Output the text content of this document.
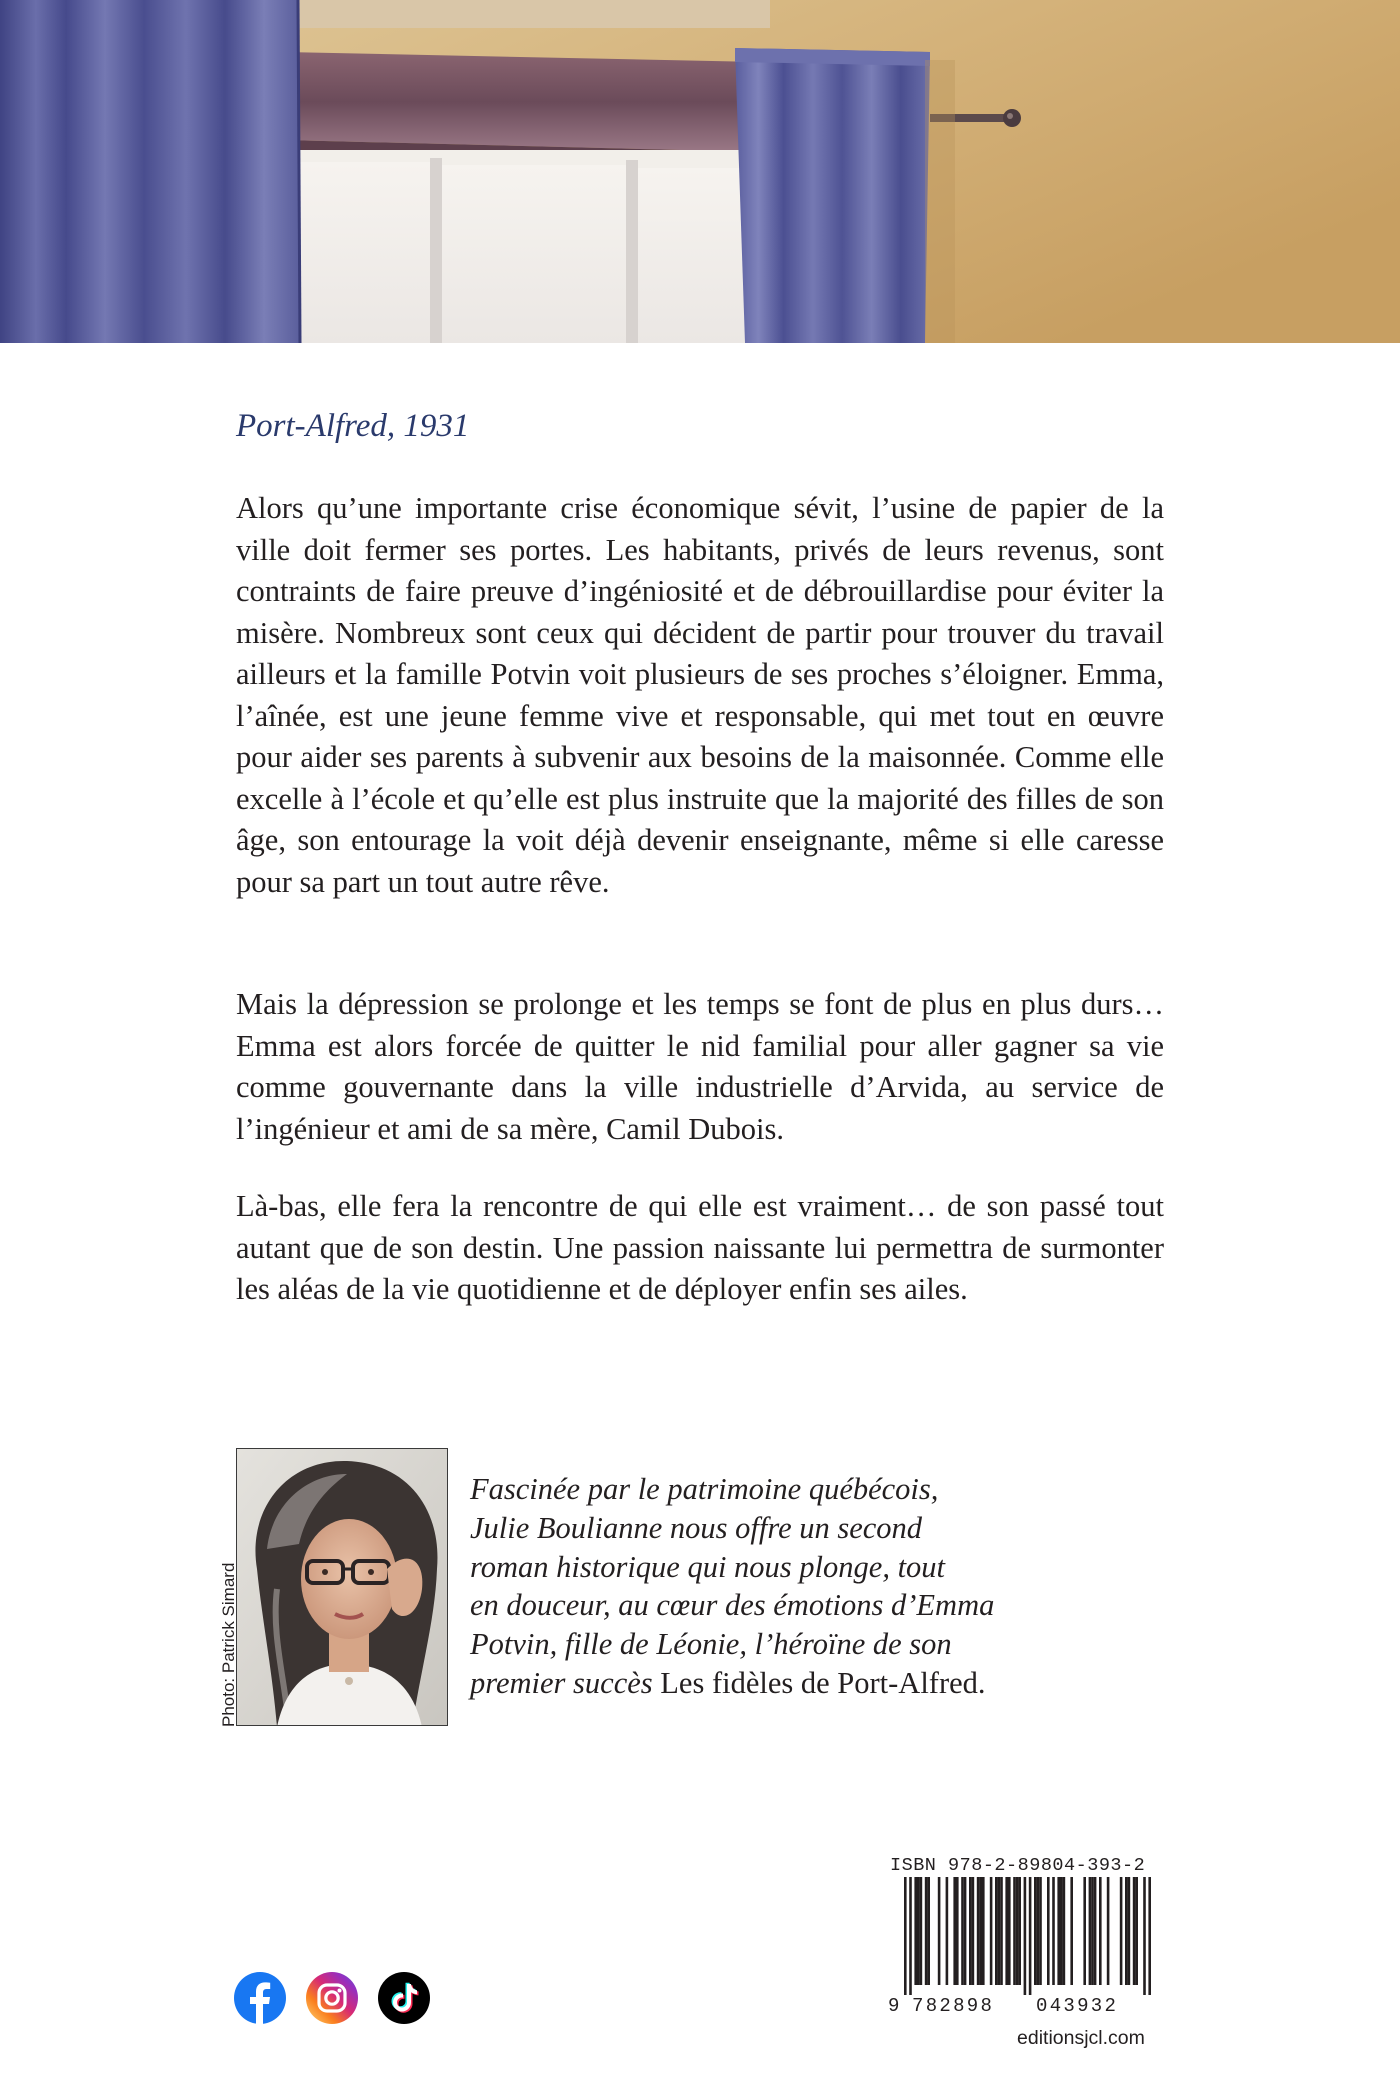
Port-Alfred, 1931

Alors qu’une importante crise économique sévit, l’usine de papier de la ville doit fermer ses portes. Les habitants, privés de leurs revenus, sont contraints de faire preuve d’ingéniosité et de débrouillardise pour éviter la misère. Nombreux sont ceux qui décident de partir pour trouver du travail ailleurs et la famille Potvin voit plusieurs de ses proches s’éloigner. Emma, l’aînée, est une jeune femme vive et responsable, qui met tout en œuvre pour aider ses parents à subvenir aux besoins de la maisonnée. Comme elle excelle à l’école et qu’elle est plus instruite que la majorité des filles de son âge, son entourage la voit déjà devenir enseignante, même si elle caresse pour sa part un tout autre rêve.

Mais la dépression se prolonge et les temps se font de plus en plus durs… Emma est alors forcée de quitter le nid familial pour aller gagner sa vie comme gouvernante dans la ville industrielle d’Arvida, au service de l’ingénieur et ami de sa mère, Camil Dubois.

Là-bas, elle fera la rencontre de qui elle est vraiment… de son passé tout autant que de son destin. Une passion naissante lui permettra de surmonter les aléas de la vie quotidienne et de déployer enfin ses ailes.

Photo: Patrick Simard
Fascinée par le patrimoine québécois,
Julie Boulianne nous offre un second
roman historique qui nous plonge, tout
en douceur, au cœur des émotions d’Emma
Potvin, fille de Léonie, l’héroïne de son
premier succès Les fidèles de Port-Alfred.
ISBN 978-2-89804-393-2
9 782898 043932
editionsjcl.com
